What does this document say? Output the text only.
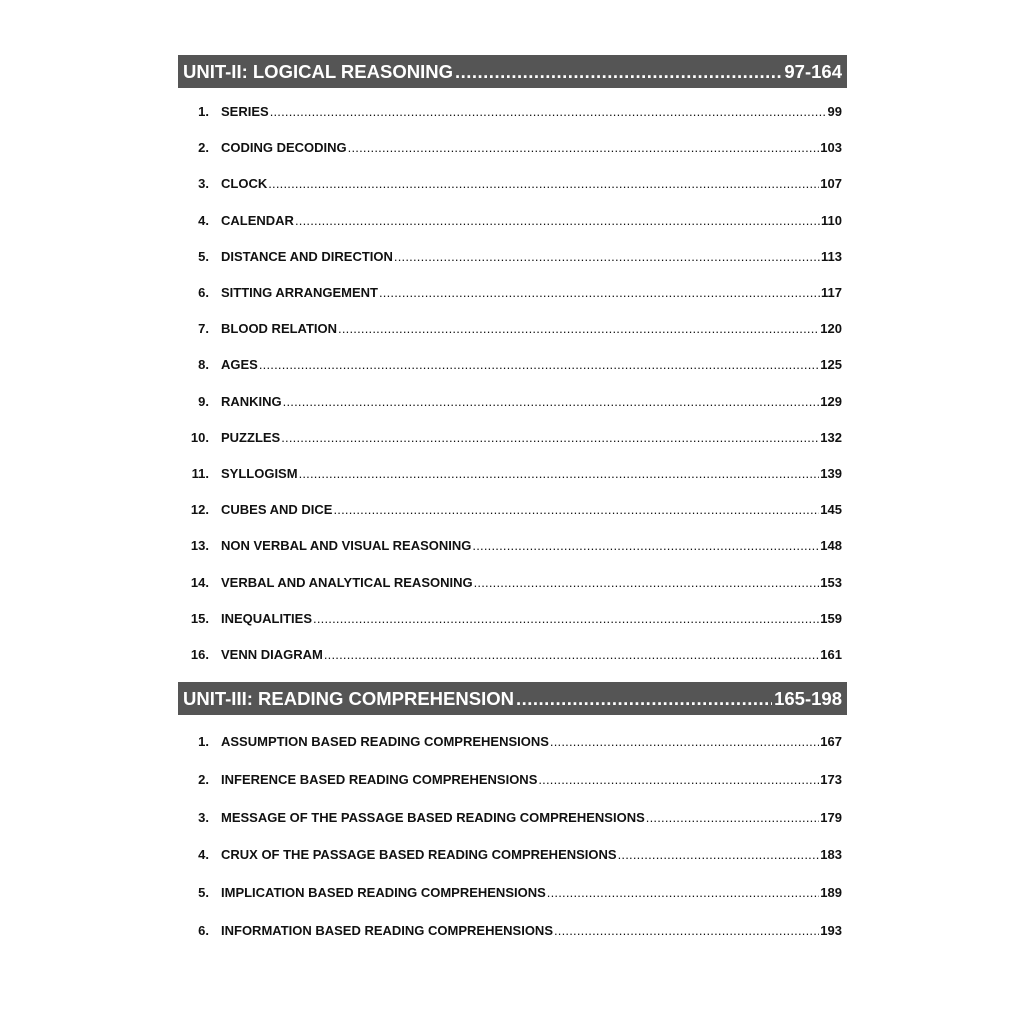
UNIT-II: LOGICAL REASONING .....	97-164
1. SERIES .....	99
2. CODING DECODING .....	103
3. CLOCK .....	107
4. CALENDAR .....	110
5. DISTANCE AND DIRECTION .....	113
6. SITTING ARRANGEMENT .....	117
7. BLOOD RELATION .....	120
8. AGES .....	125
9. RANKING .....	129
10. PUZZLES .....	132
11. SYLLOGISM .....	139
12. CUBES AND DICE .....	145
13. NON VERBAL AND VISUAL REASONING .....	148
14. VERBAL AND ANALYTICAL REASONING .....	153
15. INEQUALITIES .....	159
16. VENN DIAGRAM .....	161
UNIT-III: READING COMPREHENSION .....	165-198
1. ASSUMPTION BASED READING COMPREHENSIONS .....	167
2. INFERENCE BASED READING COMPREHENSIONS .....	173
3. MESSAGE OF THE PASSAGE BASED READING COMPREHENSIONS .....	179
4. CRUX OF THE PASSAGE BASED READING COMPREHENSIONS .....	183
5. IMPLICATION BASED READING COMPREHENSIONS .....	189
6. INFORMATION BASED READING COMPREHENSIONS .....	193
